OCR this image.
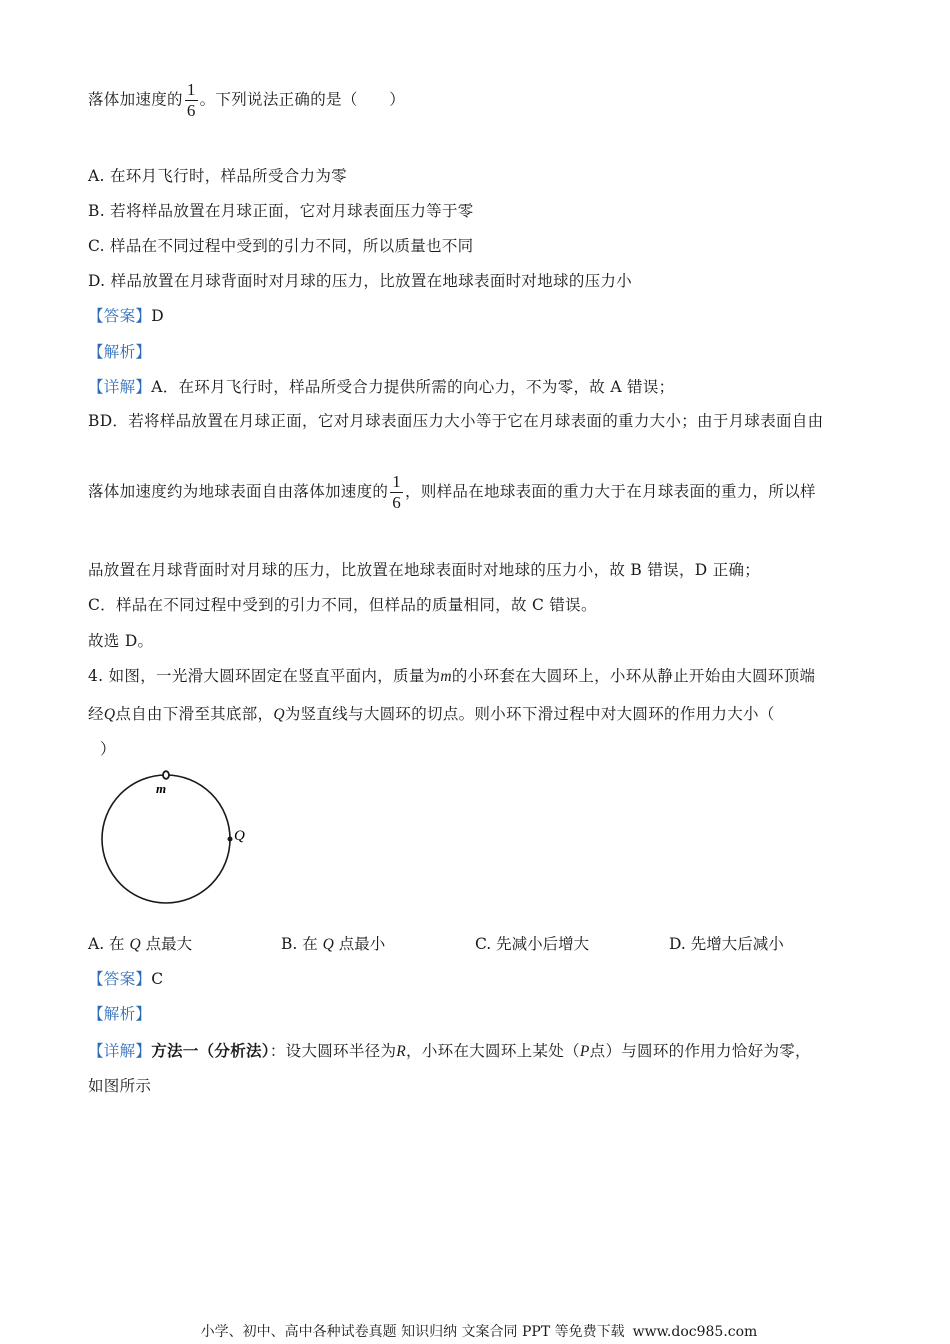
落体加速度的 $\frac{1}{6}$ 。下列说法正确的是（　　）
A. 在环月飞行时，样品所受合力为零
B. 若将样品放置在月球正面，它对月球表面压力等于零
C. 样品在不同过程中受到的引力不同，所以质量也不同
D. 样品放置在月球背面时对月球的压力，比放置在地球表面时对地球的压力小
【答案】D
【解析】
【详解】A．在环月飞行时，样品所受合力提供所需的向心力，不为零，故 A 错误；
BD．若将样品放置在月球正面，它对月球表面压力大小等于它在月球表面的重力大小；由于月球表面自由
落体加速度约为地球表面自由落体加速度的 $\frac{1}{6}$ ，则样品在地球表面的重力大于在月球表面的重力，所以样
品放置在月球背面时对月球的压力，比放置在地球表面时对地球的压力小，故 B 错误，D 正确；
C．样品在不同过程中受到的引力不同，但样品的质量相同，故 C 错误。
故选 D。
4. 如图，一光滑大圆环固定在竖直平面内，质量为m的小环套在大圆环上，小环从静止开始由大圆环顶端
经Q点自由下滑至其底部，Q为竖直线与大圆环的切点。则小环下滑过程中对大圆环的作用力大小（
）
m
Q
A. 在 Q 点最大	B. 在 Q 点最小	C. 先减小后增大	D. 先增大后减小
【答案】C
【解析】
【详解】方法一（分析法）：设大圆环半径为R，小环在大圆环上某处（P点）与圆环的作用力恰好为零，
如图所示
小学、初中、高中各种试卷真题 知识归纳 文案合同 PPT 等免费下载 www.doc985.com
